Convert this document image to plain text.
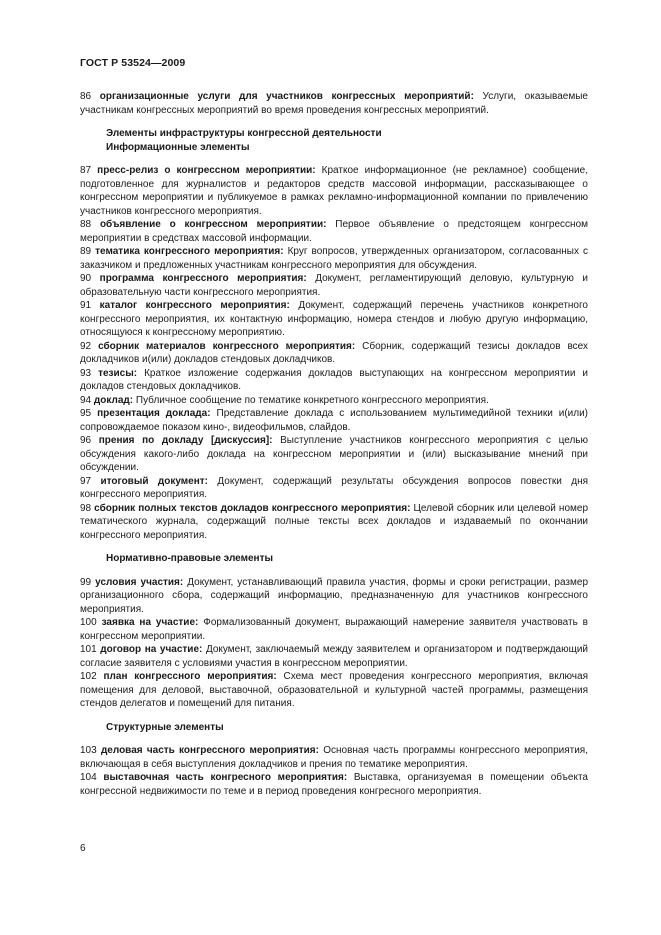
ГОСТ Р 53524—2009

86 организационные услуги для участников конгрессных мероприятий: Услуги, оказываемые участникам конгрессных мероприятий во время проведения конгрессных мероприятий.

Элементы инфраструктуры конгрессной деятельности

Информационные элементы

87 пресс-релиз о конгрессном мероприятии: Краткое информационное (не рекламное) сообщение, подготовленное для журналистов и редакторов средств массовой информации, рассказывающее о конгрессном мероприятии и публикуемое в рамках рекламно-информационной компании по привлечению участников конгрессного мероприятия.

88 объявление о конгрессном мероприятии: Первое объявление о предстоящем конгрессном мероприятии в средствах массовой информации.

89 тематика конгрессного мероприятия: Круг вопросов, утвержденных организатором, согласованных с заказчиком и предложенных участникам конгрессного мероприятия для обсуждения.

90 программа конгрессного мероприятия: Документ, регламентирующий деловую, культурную и образовательную части конгрессного мероприятия.

91 каталог конгрессного мероприятия: Документ, содержащий перечень участников конкретного конгрессного мероприятия, их контактную информацию, номера стендов и любую другую информацию, относящуюся к конгрессному мероприятию.

92 сборник материалов конгрессного мероприятия: Сборник, содержащий тезисы докладов всех докладчиков и(или) докладов стендовых докладчиков.

93 тезисы: Краткое изложение содержания докладов выступающих на конгрессном мероприятии и докладов стендовых докладчиков.

94 доклад: Публичное сообщение по тематике конкретного конгрессного мероприятия.

95 презентация доклада: Представление доклада с использованием мультимедийной техники и(или) сопровождаемое показом кино-, видеофильмов, слайдов.

96 прения по докладу [дискуссия]: Выступление участников конгрессного мероприятия с целью обсуждения какого-либо доклада на конгрессном мероприятии и (или) высказывание мнений при обсуждении.

97 итоговый документ: Документ, содержащий результаты обсуждения вопросов повестки дня конгрессного мероприятия.

98 сборник полных текстов докладов конгрессного мероприятия: Целевой сборник или целевой номер тематического журнала, содержащий полные тексты всех докладов и издаваемый по окончании конгрессного мероприятия.

Нормативно-правовые элементы

99 условия участия: Документ, устанавливающий правила участия, формы и сроки регистрации, размер организационного сбора, содержащий информацию, предназначенную для участников конгрессного мероприятия.

100 заявка на участие: Формализованный документ, выражающий намерение заявителя участвовать в конгрессном мероприятии.

101 договор на участие: Документ, заключаемый между заявителем и организатором и подтверждающий согласие заявителя с условиями участия в конгрессном мероприятии.

102 план конгрессного мероприятия: Схема мест проведения конгрессного мероприятия, включая помещения для деловой, выставочной, образовательной и культурной частей программы, размещения стендов делегатов и помещений для питания.

Структурные элементы

103 деловая часть конгрессного мероприятия: Основная часть программы конгрессного мероприятия, включающая в себя выступления докладчиков и прения по тематике мероприятия.

104 выставочная часть конгресного мероприятия: Выставка, организуемая в помещении объекта конгрессной недвижимости по теме и в период проведения конгресного мероприятия.

6
